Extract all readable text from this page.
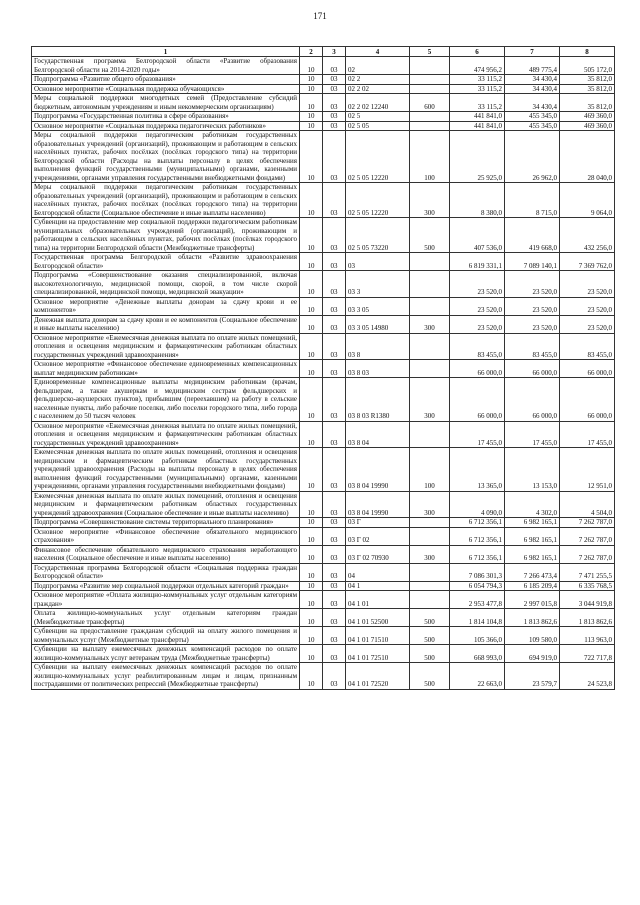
171
1	2	3	4	5	6	7	8
Государственная программа Белгородской области «Развитие образования Белгородской области на 2014-2020 годы»	10	03	02		474 956,2	489 775,4	505 172,0
Подпрограмма «Развитие общего образования»	10	03	02 2		33 115,2	34 430,4	35 812,0
Основное мероприятие «Социальная поддержка обучающихся»	10	03	02 2 02		33 115,2	34 430,4	35 812,0
Меры социальной поддержки многодетных семей (Предоставление субсидий бюджетным, автономным учреждениям и иным некоммерческим организациям)	10	03	02 2 02 12240	600	33 115,2	34 430,4	35 812,0
Подпрограмма «Государственная политика в сфере образования»	10	03	02 5		441 841,0	455 345,0	469 360,0
Основное мероприятие «Социальная поддержка педагогических работников»	10	03	02 5 05		441 841,0	455 345,0	469 360,0
Меры социальной поддержки педагогическим работникам государственных образовательных учреждений (организаций), проживающим и работающим в сельских населённых пунктах, рабочих посёлках (посёлках городского типа) на территории Белгородской области (Расходы на выплаты персоналу в целях обеспечения выполнения функций государственными (муниципальными) органами, казенными учреждениями, органами управления государственными внебюджетными фондами)	10	03	02 5 05 12220	100	25 925,0	26 962,0	28 040,0
Меры социальной поддержки педагогическим работникам государственных образовательных учреждений (организаций), проживающим и работающим в сельских населённых пунктах, рабочих посёлках (посёлках городского типа) на территории Белгородской области (Социальное обеспечение и иные выплаты населению)	10	03	02 5 05 12220	300	8 380,0	8 715,0	9 064,0
Субвенции на предоставление мер социальной поддержки педагогическим работникам муниципальных образовательных учреждений (организаций), проживающим и работающим в сельских населённых пунктах, рабочих посёлках (посёлках городского типа) на территории Белгородской области (Межбюджетные трансферты)	10	03	02 5 05 73220	500	407 536,0	419 668,0	432 256,0
Государственная программа Белгородской области «Развитие здравоохранения Белгородской области»	10	03	03		6 819 331,1	7 089 140,1	7 369 762,0
Подпрограмма «Совершенствование оказания специализированной, включая высокотехнологичную, медицинской помощи, скорой, в том числе скорой специализированной, медицинской помощи, медицинской эвакуации»	10	03	03 3		23 520,0	23 520,0	23 520,0
Основное мероприятие «Денежные выплаты донорам за сдачу крови и ее компонентов»	10	03	03 3 05		23 520,0	23 520,0	23 520,0
Денежная выплата донорам за сдачу крови и ее компонентов (Социальное обеспечение и иные выплаты населению)	10	03	03 3 05 14980	300	23 520,0	23 520,0	23 520,0
Основное мероприятие «Ежемесячная денежная выплата по оплате жилых помещений, отопления и освещения медицинским и фармацевтическим работникам областных государственных учреждений здравоохранения»	10	03	03 8		83 455,0	83 455,0	83 455,0
Основное мероприятие «Финансовое обеспечение единовременных компенсационных выплат медицинским работникам»	10	03	03 8 03		66 000,0	66 000,0	66 000,0
Единовременные компенсационные выплаты медицинским работникам (врачам, фельдшерам, а также акушеркам и медицинским сестрам фельдшерских и фельдшерско-акушерских пунктов), прибывшим (переехавшим) на работу в сельские населенные пункты, либо рабочие поселки, либо поселки городского типа, либо города с населением до 50 тысяч человек	10	03	03 8 03 R1380	300	66 000,0	66 000,0	66 000,0
Основное мероприятие «Ежемесячная денежная выплата по оплате жилых помещений, отопления и освещения медицинским и фармацевтическим работникам областных государственных учреждений здравоохранения»	10	03	03 8 04		17 455,0	17 455,0	17 455,0
Ежемесячная денежная выплата по оплате жилых помещений, отопления и освещения медицинским и фармацевтическим работникам областных государственных учреждений здравоохранения (Расходы на выплаты персоналу в целях обеспечения выполнения функций государственными (муниципальными) органами, казенными учреждениями, органами управления государственными внебюджетными фондами)	10	03	03 8 04 19990	100	13 365,0	13 153,0	12 951,0
Ежемесячная денежная выплата по оплате жилых помещений, отопления и освещения медицинским и фармацевтическим работникам областных государственных учреждений здравоохранения (Социальное обеспечение и иные выплаты населению)	10	03	03 8 04 19990	300	4 090,0	4 302,0	4 504,0
Подпрограмма «Совершенствование системы территориального планирования»	10	03	03 Г		6 712 356,1	6 982 165,1	7 262 787,0
Основное мероприятие «Финансовое обеспечение обязательного медицинского страхования»	10	03	03 Г 02		6 712 356,1	6 982 165,1	7 262 787,0
Финансовое обеспечение обязательного медицинского страхования неработающего населения (Социальное обеспечение и иные выплаты населению)	10	03	03 Г 02 70930	300	6 712 356,1	6 982 165,1	7 262 787,0
Государственная программа Белгородской области «Социальная поддержка граждан Белгородской области»	10	03	04		7 086 301,3	7 266 473,4	7 471 255,5
Подпрограмма «Развитие мер социальной поддержки отдельных категорий граждан»	10	03	04 1		6 054 794,3	6 185 209,4	6 335 768,5
Основное мероприятие «Оплата жилищно-коммунальных услуг отдельным категориям граждан»	10	03	04 1 01		2 953 477,8	2 997 015,8	3 044 919,8
Оплата жилищно-коммунальных услуг отдельным категориям граждан (Межбюджетные трансферты)	10	03	04 1 01 52500	500	1 814 104,8	1 813 862,6	1 813 862,6
Субвенции на предоставление гражданам субсидий на оплату жилого помещения и коммунальных услуг (Межбюджетные трансферты)	10	03	04 1 01 71510	500	105 366,0	109 580,0	113 963,0
Субвенции на выплату ежемесячных денежных компенсаций расходов по оплате жилищно-коммунальных услуг ветеранам труда (Межбюджетные трансферты)	10	03	04 1 01 72510	500	668 993,0	694 919,0	722 717,8
Субвенции на выплату ежемесячных денежных компенсаций расходов по оплате жилищно-коммунальных услуг реабилитированным лицам и лицам, признанным пострадавшими от политических репрессий (Межбюджетные трансферты)	10	03	04 1 01 72520	500	22 663,0	23 579,7	24 523,8
